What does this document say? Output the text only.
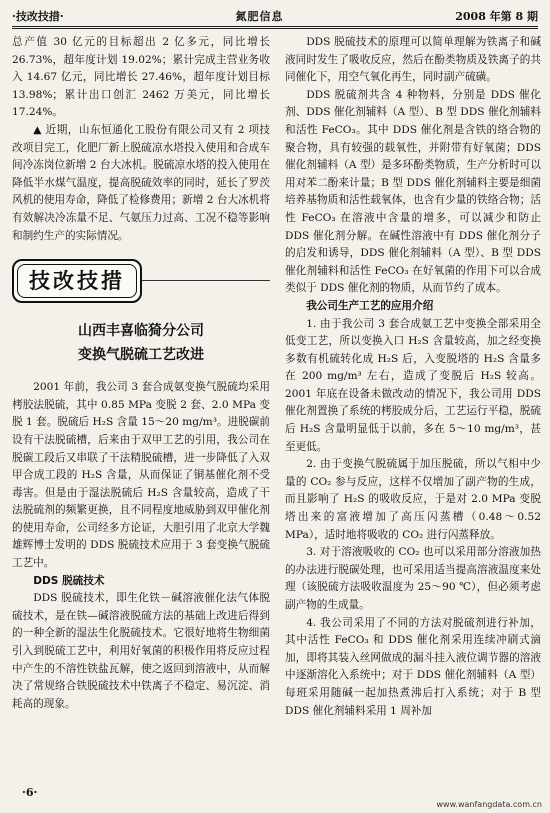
·技改技措·	氮肥信息	2008 年第 8 期

总产值 30 亿元的目标超出 2 亿多元，同比增长 26.73%，超年度计划 19.02%；累计完成主营业务收入 14.67 亿元，同比增长 27.46%，超年度计划目标 13.98%；累计出口创汇 2462 万美元，同比增长 17.24%。

▲ 近期，山东恒通化工股份有限公司又有 2 项技改项目完工，化肥厂新上脱硫凉水塔投入使用和合成车间冷冻岗位新增 2 台大冰机。脱硫凉水塔的投入使用在降低半水煤气温度，提高脱硫效率的同时，延长了罗茨风机的使用寿命，降低了检修费用；新增 2 台大冰机将有效解决冷冻量不足、气氨压力过高、工况不稳等影响和制约生产的实际情况。

技改技措
山西丰喜临猗分公司
变换气脱硫工艺改进

2001 年前，我公司 3 套合成氨变换气脱硫均采用栲胶法脱硫，其中 0.85 MPa 变脱 2 套、2.0 MPa 变脱 1 套。脱硫后 H₂S 含量 15～20 mg/m³。进脱碳前设有干法脱硫槽，后来由于双甲工艺的引用，我公司在脱碳工段后又串联了干法精脱硫槽，进一步降低了入双甲合成工段的 H₂S 含量，从而保证了铜基催化剂不受毒害。但是由于湿法脱硫后 H₂S 含量较高，造成了干法脱硫剂的频繁更换，且不同程度地威胁到双甲催化剂的使用寿命，公司经多方论证，大胆引用了北京大学魏雄辉博士发明的 DDS 脱硫技术应用于 3 套变换气脱硫工艺中。

DDS 脱硫技术

DDS 脱硫技术，即生化铁－碱溶液催化法气体脱硫技术，是在铁—碱溶液脱硫方法的基础上改进后得到的一种全新的湿法生化脱硫技术。它很好地将生物细菌引入到脱硫工艺中，利用好氧菌的积极作用将反应过程中产生的不溶性铁盐瓦解，使之返回到溶液中，从而解决了常规络合铁脱硫技术中铁离子不稳定、易沉淀、消耗高的现象。

DDS 脱硫技术的原理可以简单理解为铁离子和碱液同时发生了吸收反应，然后在酚类物质及铁离子的共同催化下，用空气氧化再生，同时副产硫磺。

DDS 脱硫剂共含 4 种物料，分别是 DDS 催化剂、DDS 催化剂辅料（A 型）、B 型 DDS 催化剂辅料和活性 FeCO₃。其中 DDS 催化剂是含铁的络合物的聚合物，具有较强的载氧性，并附带有好氧菌；DDS 催化剂辅料（A 型）是多环酚类物质，生产分析时可以用对苯二酚来计量；B 型 DDS 催化剂辅料主要是细菌培养基物质和活性载氧体，也含有少量的铁络合物；活性 FeCO₃ 在溶液中含量的增多，可以减少和防止 DDS 催化剂分解。在碱性溶液中有 DDS 催化剂分子的启发和诱导，DDS 催化剂辅料（A 型）、B 型 DDS 催化剂辅料和活性 FeCO₃ 在好氧菌的作用下可以合成类似于 DDS 催化剂的物质，从而节约了成本。

我公司生产工艺的应用介绍

1. 由于我公司 3 套合成氨工艺中变换全部采用全低变工艺，所以变换入口 H₂S 含量较高，加之经变换多数有机硫转化成 H₂S 后，入变脱塔的 H₂S 含量多在 200 mg/m³ 左右，造成了变脱后 H₂S 较高。2001 年底在设备未做改动的情况下，我公司用 DDS 催化剂置换了系统的栲胶成分后，工艺运行平稳，脱硫后 H₂S 含量明显低于以前，多在 5～10 mg/m³，甚至更低。

2. 由于变换气脱硫属于加压脱硫，所以气相中少量的 CO₂ 参与反应，这样不仅增加了副产物的生成，而且影响了 H₂S 的吸收反应，于是对 2.0 MPa 变脱塔出来的富液增加了高压闪蒸槽（0.48～0.52 MPa），适时地将吸收的 CO₂ 进行闪蒸释放。

3. 对于溶液吸收的 CO₂ 也可以采用部分溶液加热的办法进行脱碳处理，也可采用适当提高溶液温度来处理（该脱硫方法吸收温度为 25～90 ℃），但必须考虑副产物的生成量。

4. 我公司采用了不同的方法对脱硫剂进行补加，其中活性 FeCO₃ 和 DDS 催化剂采用连续冲刷式滴加，即将其装入丝网做成的漏斗挂入液位调节器的溶液中逐渐溶化入系统中；对于 DDS 催化剂辅料（A 型）每班采用随碱一起加热煮沸后打入系统；对于 B 型 DDS 催化剂辅料采用 1 周补加

·6·
www.wanfangdata.com.cn
